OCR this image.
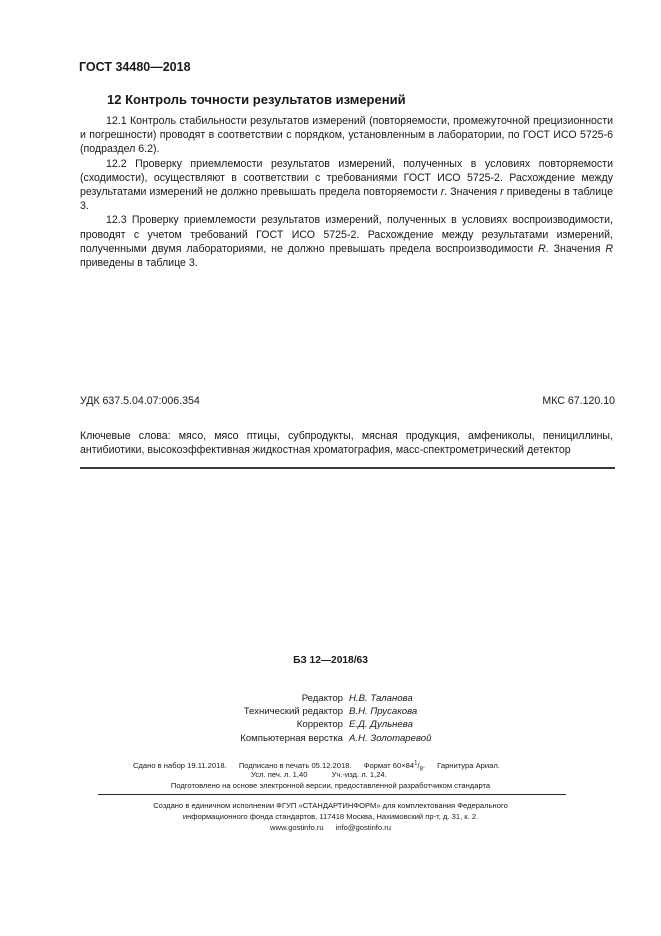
ГОСТ 34480—2018
12 Контроль точности результатов измерений

12.1 Контроль стабильности результатов измерений (повторяемости, промежуточной прецизионности и погрешности) проводят в соответствии с порядком, установленным в лаборатории, по ГОСТ ИСО 5725-6 (подраздел 6.2).

12.2 Проверку приемлемости результатов измерений, полученных в условиях повторяемости (сходимости), осуществляют в соответствии с требованиями ГОСТ ИСО 5725-2. Расхождение между результатами измерений не должно превышать предела повторяемости r. Значения r приведены в таблице 3.

12.3 Проверку приемлемости результатов измерений, полученных в условиях воспроизводимости, проводят с учетом требований ГОСТ ИСО 5725-2. Расхождение между результатами измерений, полученными двумя лабораториями, не должно превышать предела воспроизводимости R. Значения R приведены в таблице 3.

УДК 637.5.04.07:006.354	МКС 67.120.10
Ключевые слова: мясо, мясо птицы, субпродукты, мясная продукция, амфениколы, пенициллины, антибиотики, высокоэффективная жидкостная хроматография, масс-спектрометрический детектор
БЗ 12—2018/63
Редактор Н.В. Таланова
Технический редактор В.Н. Прусакова
Корректор Е.Д. Дульнева
Компьютерная верстка А.Н. Золотаревой
Сдано в набор 19.11.2018. Подписано в печать 05.12.2018. Формат $60\times 84^1/_8$. Гарнитура Ариал.
Усл. печ. л. 1,40	Уч.-изд. л. 1,24.
Подготовлено на основе электронной версии, предоставленной разработчиком стандарта
Создано в единичном исполнении ФГУП «СТАНДАРТИНФОРМ» для комплектования Федерального
информационного фонда стандартов, 117418 Москва, Нахимовский пр-т, д. 31, к. 2.
www.gostinfo.ru info@gostinfo.ru
